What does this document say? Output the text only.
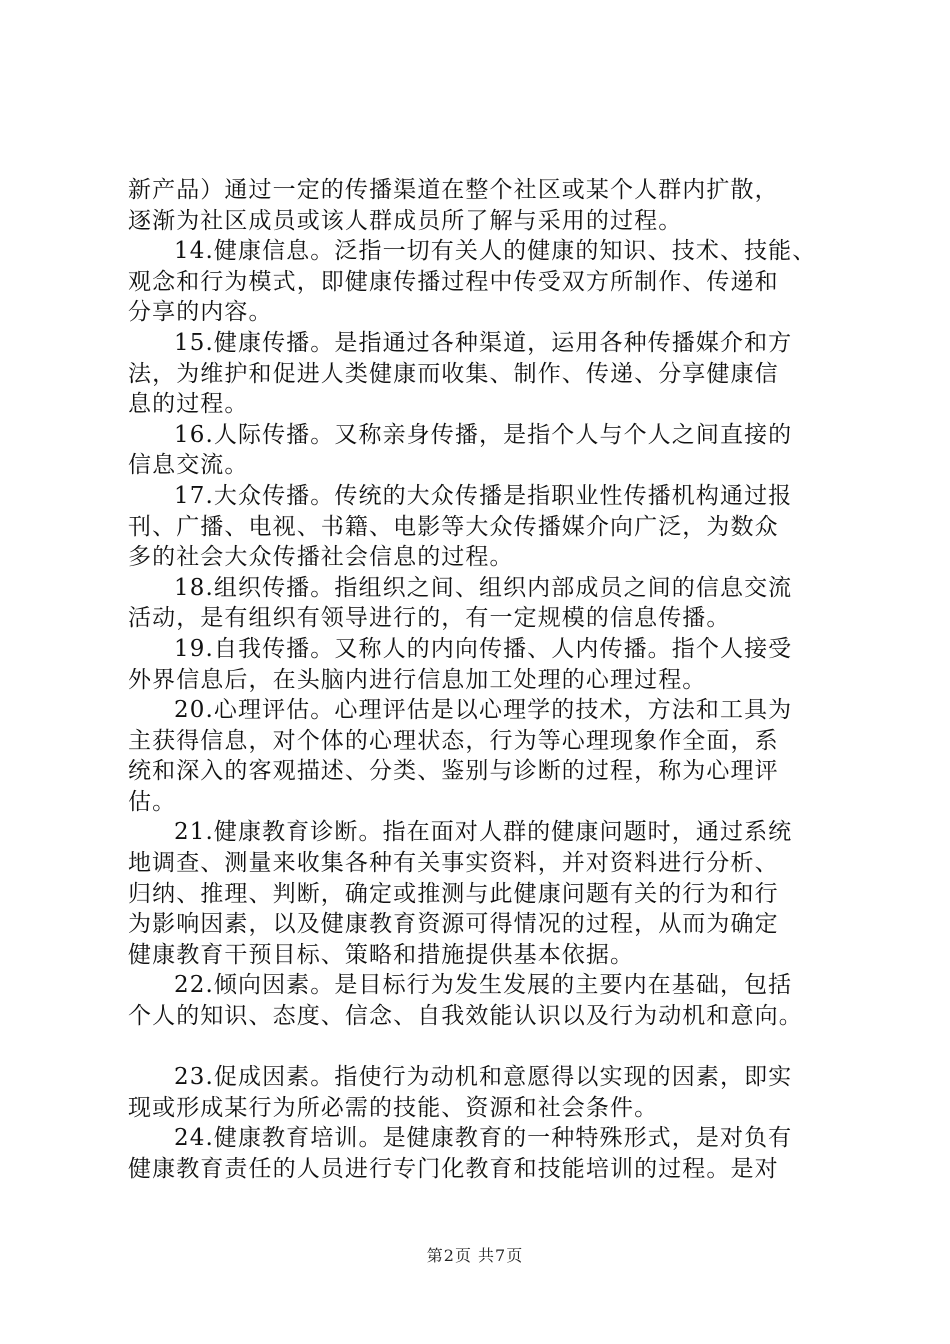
新产品）通过一定的传播渠道在整个社区或某个人群内扩散，
逐渐为社区成员或该人群成员所了解与采用的过程。
14.健康信息。泛指一切有关人的健康的知识、技术、技能、
观念和行为模式，即健康传播过程中传受双方所制作、传递和
分享的内容。
15.健康传播。是指通过各种渠道，运用各种传播媒介和方
法，为维护和促进人类健康而收集、制作、传递、分享健康信
息的过程。
16.人际传播。又称亲身传播，是指个人与个人之间直接的
信息交流。
17.大众传播。传统的大众传播是指职业性传播机构通过报
刊、广播、电视、书籍、电影等大众传播媒介向广泛，为数众
多的社会大众传播社会信息的过程。
18.组织传播。指组织之间、组织内部成员之间的信息交流
活动，是有组织有领导进行的，有一定规模的信息传播。
19.自我传播。又称人的内向传播、人内传播。指个人接受
外界信息后，在头脑内进行信息加工处理的心理过程。
20.心理评估。心理评估是以心理学的技术，方法和工具为
主获得信息，对个体的心理状态，行为等心理现象作全面，系
统和深入的客观描述、分类、鉴别与诊断的过程，称为心理评
估。
21.健康教育诊断。指在面对人群的健康问题时，通过系统
地调查、测量来收集各种有关事实资料，并对资料进行分析、
归纳、推理、判断，确定或推测与此健康问题有关的行为和行
为影响因素，以及健康教育资源可得情况的过程，从而为确定
健康教育干预目标、策略和措施提供基本依据。
22.倾向因素。是目标行为发生发展的主要内在基础，包括
个人的知识、态度、信念、自我效能认识以及行为动机和意向。
23.促成因素。指使行为动机和意愿得以实现的因素，即实
现或形成某行为所必需的技能、资源和社会条件。
24.健康教育培训。是健康教育的一种特殊形式，是对负有
健康教育责任的人员进行专门化教育和技能培训的过程。是对
第2页 共7页
